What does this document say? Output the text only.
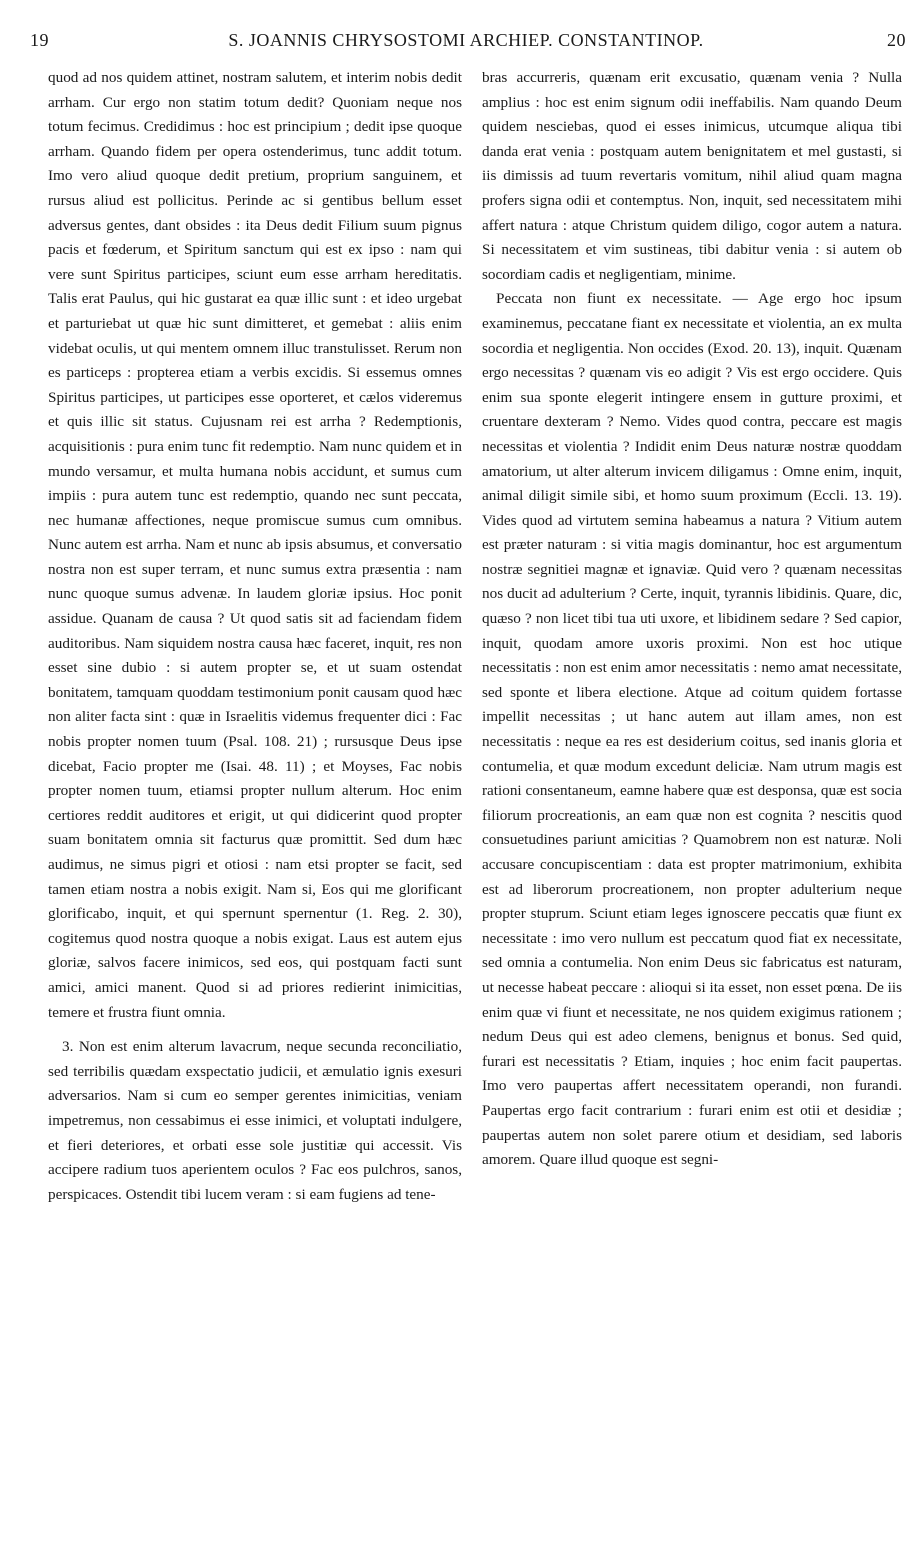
19	S. JOANNIS CHRYSOSTOMI ARCHIEP. CONSTANTINOP.	20

quod ad nos quidem attinet, nostram salutem, et interim nobis dedit arrham. Cur ergo non statim totum dedit? Quoniam neque nos totum fecimus. Credidimus : hoc est principium ; dedit ipse quoque arrham. Quando fidem per opera ostenderimus, tunc addit totum. Imo vero aliud quoque dedit pretium, proprium sanguinem, et rursus aliud est pollicitus. Perinde ac si gentibus bellum esset adversus gentes, dant obsides : ita Deus dedit Filium suum pignus pacis et fœderum, et Spiritum sanctum qui est ex ipso : nam qui vere sunt Spiritus participes, sciunt eum esse arrham hereditatis. Talis erat Paulus, qui hic gustarat ea quæ illic sunt : et ideo urgebat et parturiebat ut quæ hic sunt dimitteret, et gemebat : aliis enim videbat oculis, ut qui mentem omnem illuc transtulisset. Rerum non es particeps : propterea etiam a verbis excidis. Si essemus omnes Spiritus participes, ut participes esse oporteret, et cælos videremus et quis illic sit status. Cujusnam rei est arrha ? Redemptionis, acquisitionis : pura enim tunc fit redemptio. Nam nunc quidem et in mundo versamur, et multa humana nobis accidunt, et sumus cum impiis : pura autem tunc est redemptio, quando nec sunt peccata, nec humanæ affectiones, neque promiscue sumus cum omnibus. Nunc autem est arrha. Nam et nunc ab ipsis absumus, et conversatio nostra non est super terram, et nunc sumus extra præsentia : nam nunc quoque sumus advenæ. In laudem gloriæ ipsius. Hoc ponit assidue. Quanam de causa ? Ut quod satis sit ad faciendam fidem auditoribus. Nam siquidem nostra causa hæc faceret, inquit, res non esset sine dubio : si autem propter se, et ut suam ostendat bonitatem, tamquam quoddam testimonium ponit causam quod hæc non aliter facta sint : quæ in Israelitis videmus frequenter dici : Fac nobis propter nomen tuum (Psal. 108. 21) ; rursusque Deus ipse dicebat, Facio propter me (Isai. 48. 11) ; et Moyses, Fac nobis propter nomen tuum, etiamsi propter nullum alterum. Hoc enim certiores reddit auditores et erigit, ut qui didicerint quod propter suam bonitatem omnia sit facturus quæ promittit. Sed dum hæc audimus, ne simus pigri et otiosi : nam etsi propter se facit, sed tamen etiam nostra a nobis exigit. Nam si, Eos qui me glorificant glorificabo, inquit, et qui spernunt spernentur (1. Reg. 2. 30), cogitemus quod nostra quoque a nobis exigat. Laus est autem ejus gloriæ, salvos facere inimicos, sed eos, qui postquam facti sunt amici, amici manent. Quod si ad priores redierint inimicitias, temere et frustra fiunt omnia.

3. Non est enim alterum lavacrum, neque secunda reconciliatio, sed terribilis quædam exspectatio judicii, et æmulatio ignis exesuri adversarios. Nam si cum eo semper gerentes inimicitias, veniam impetremus, non cessabimus ei esse inimici, et voluptati indulgere, et fieri deteriores, et orbati esse sole justitiæ qui accessit. Vis accipere radium tuos aperientem oculos ? Fac eos pulchros, sanos, perspicaces. Ostendit tibi lucem veram : si eam fugiens ad tene-

bras accurreris, quænam erit excusatio, quænam venia ? Nulla amplius : hoc est enim signum odii ineffabilis. Nam quando Deum quidem nesciebas, quod ei esses inimicus, utcumque aliqua tibi danda erat venia : postquam autem benignitatem et mel gustasti, si iis dimissis ad tuum revertaris vomitum, nihil aliud quam magna profers signa odii et contemptus. Non, inquit, sed necessitatem mihi affert natura : atque Christum quidem diligo, cogor autem a natura. Si necessitatem et vim sustineas, tibi dabitur venia : si autem ob socordiam cadis et negligentiam, minime.

Peccata non fiunt ex necessitate. — Age ergo hoc ipsum examinemus, peccatane fiant ex necessitate et violentia, an ex multa socordia et negligentia. Non occides (Exod. 20. 13), inquit. Quænam ergo necessitas ? quænam vis eo adigit ? Vis est ergo occidere. Quis enim sua sponte elegerit intingere ensem in gutture proximi, et cruentare dexteram ? Nemo. Vides quod contra, peccare est magis necessitas et violentia ? Indidit enim Deus naturæ nostræ quoddam amatorium, ut alter alterum invicem diligamus : Omne enim, inquit, animal diligit simile sibi, et homo suum proximum (Eccli. 13. 19). Vides quod ad virtutem semina habeamus a natura ? Vitium autem est præter naturam : si vitia magis dominantur, hoc est argumentum nostræ segnitiei magnæ et ignaviæ. Quid vero ? quænam necessitas nos ducit ad adulterium ? Certe, inquit, tyrannis libidinis. Quare, dic, quæso ? non licet tibi tua uti uxore, et libidinem sedare ? Sed capior, inquit, quodam amore uxoris proximi. Non est hoc utique necessitatis : non est enim amor necessitatis : nemo amat necessitate, sed sponte et libera electione. Atque ad coitum quidem fortasse impellit necessitas ; ut hanc autem aut illam ames, non est necessitatis : neque ea res est desiderium coitus, sed inanis gloria et contumelia, et quæ modum excedunt deliciæ. Nam utrum magis est rationi consentaneum, eamne habere quæ est desponsa, quæ est socia filiorum procreationis, an eam quæ non est cognita ? nescitis quod consuetudines pariunt amicitias ? Quamobrem non est naturæ. Noli accusare concupiscentiam : data est propter matrimonium, exhibita est ad liberorum procreationem, non propter adulterium neque propter stuprum. Sciunt etiam leges ignoscere peccatis quæ fiunt ex necessitate : imo vero nullum est peccatum quod fiat ex necessitate, sed omnia a contumelia. Non enim Deus sic fabricatus est naturam, ut necesse habeat peccare : alioqui si ita esset, non esset pœna. De iis enim quæ vi fiunt et necessitate, ne nos quidem exigimus rationem ; nedum Deus qui est adeo clemens, benignus et bonus. Sed quid, furari est necessitatis ? Etiam, inquies ; hoc enim facit paupertas. Imo vero paupertas affert necessitatem operandi, non furandi. Paupertas ergo facit contrarium : furari enim est otii et desidiæ ; paupertas autem non solet parere otium et desidiam, sed laboris amorem. Quare illud quoque est segni-
